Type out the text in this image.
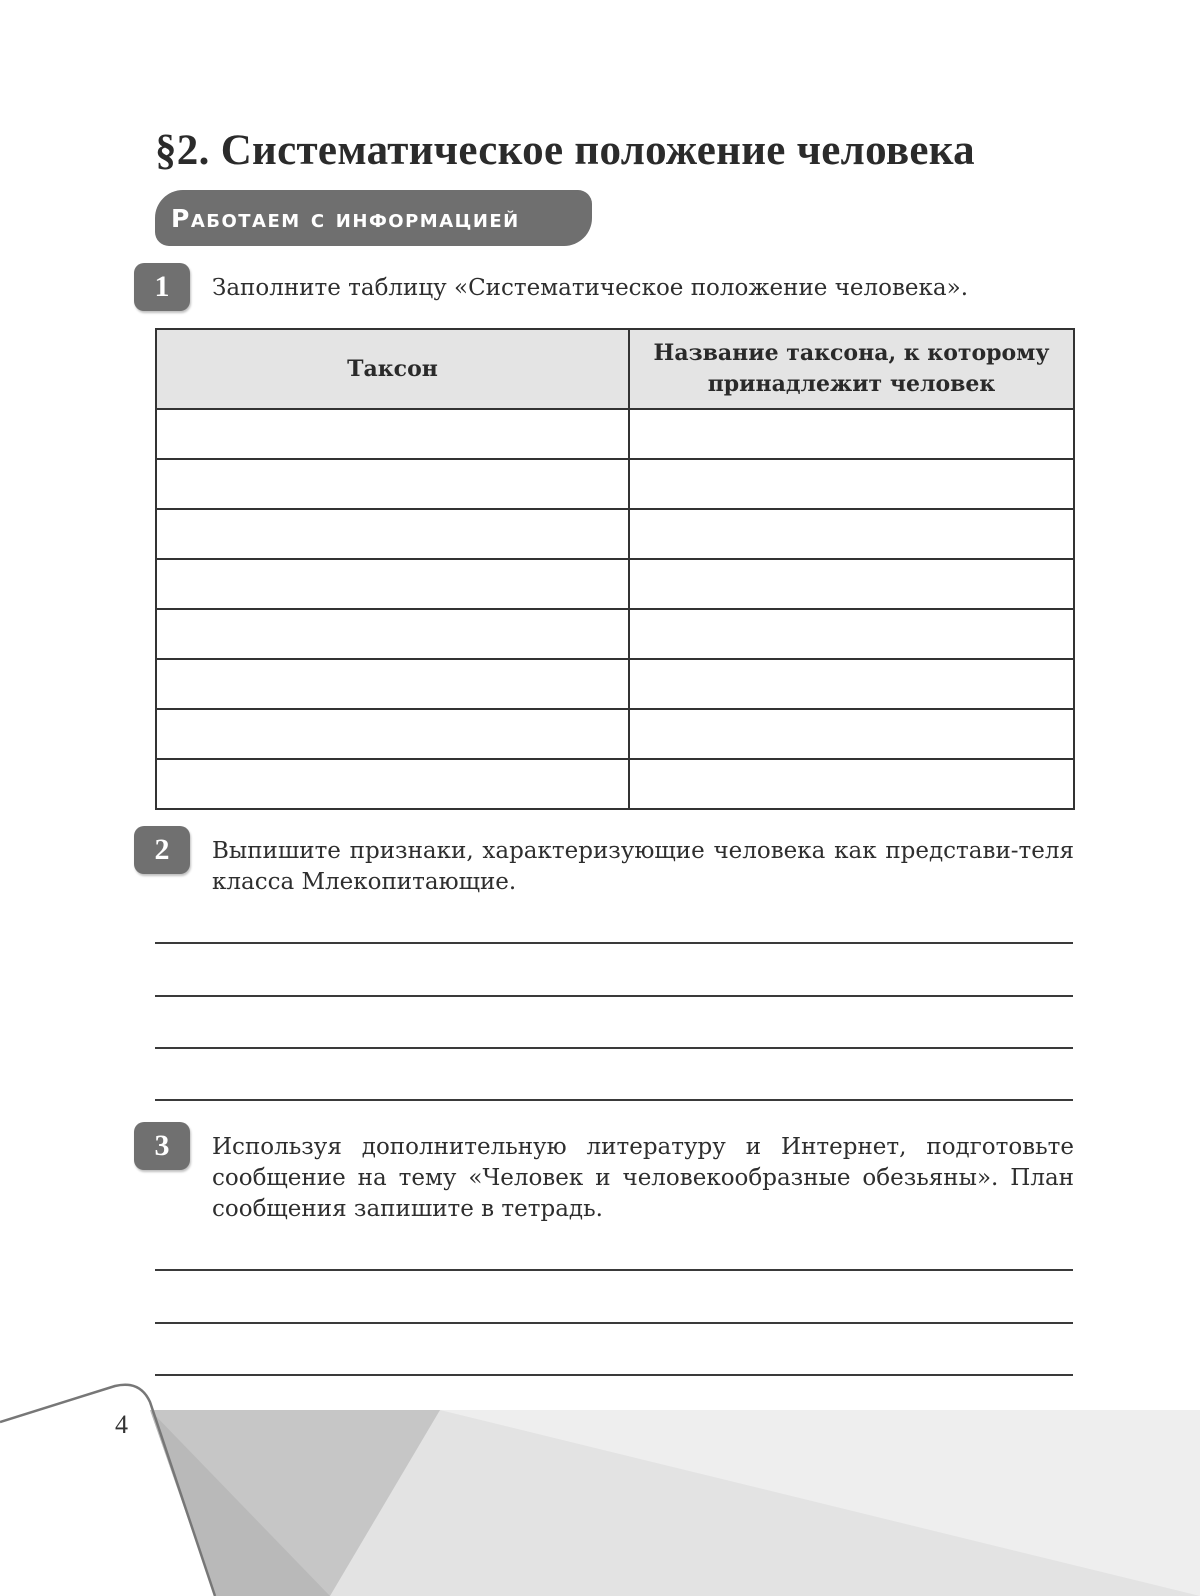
§2. Систематическое положение человека
Работаем с информацией
1	Заполните таблицу «Систематическое положение человека».
Таксон	Название таксона, к которому принадлежит человек

2	Выпишите признаки, характеризующие человека как представи-теля класса Млекопитающие.
3	Используя дополнительную литературу и Интернет, подготовьте сообщение на тему «Человек и человекообразные обезьяны». План сообщения запишите в тетрадь.
4
